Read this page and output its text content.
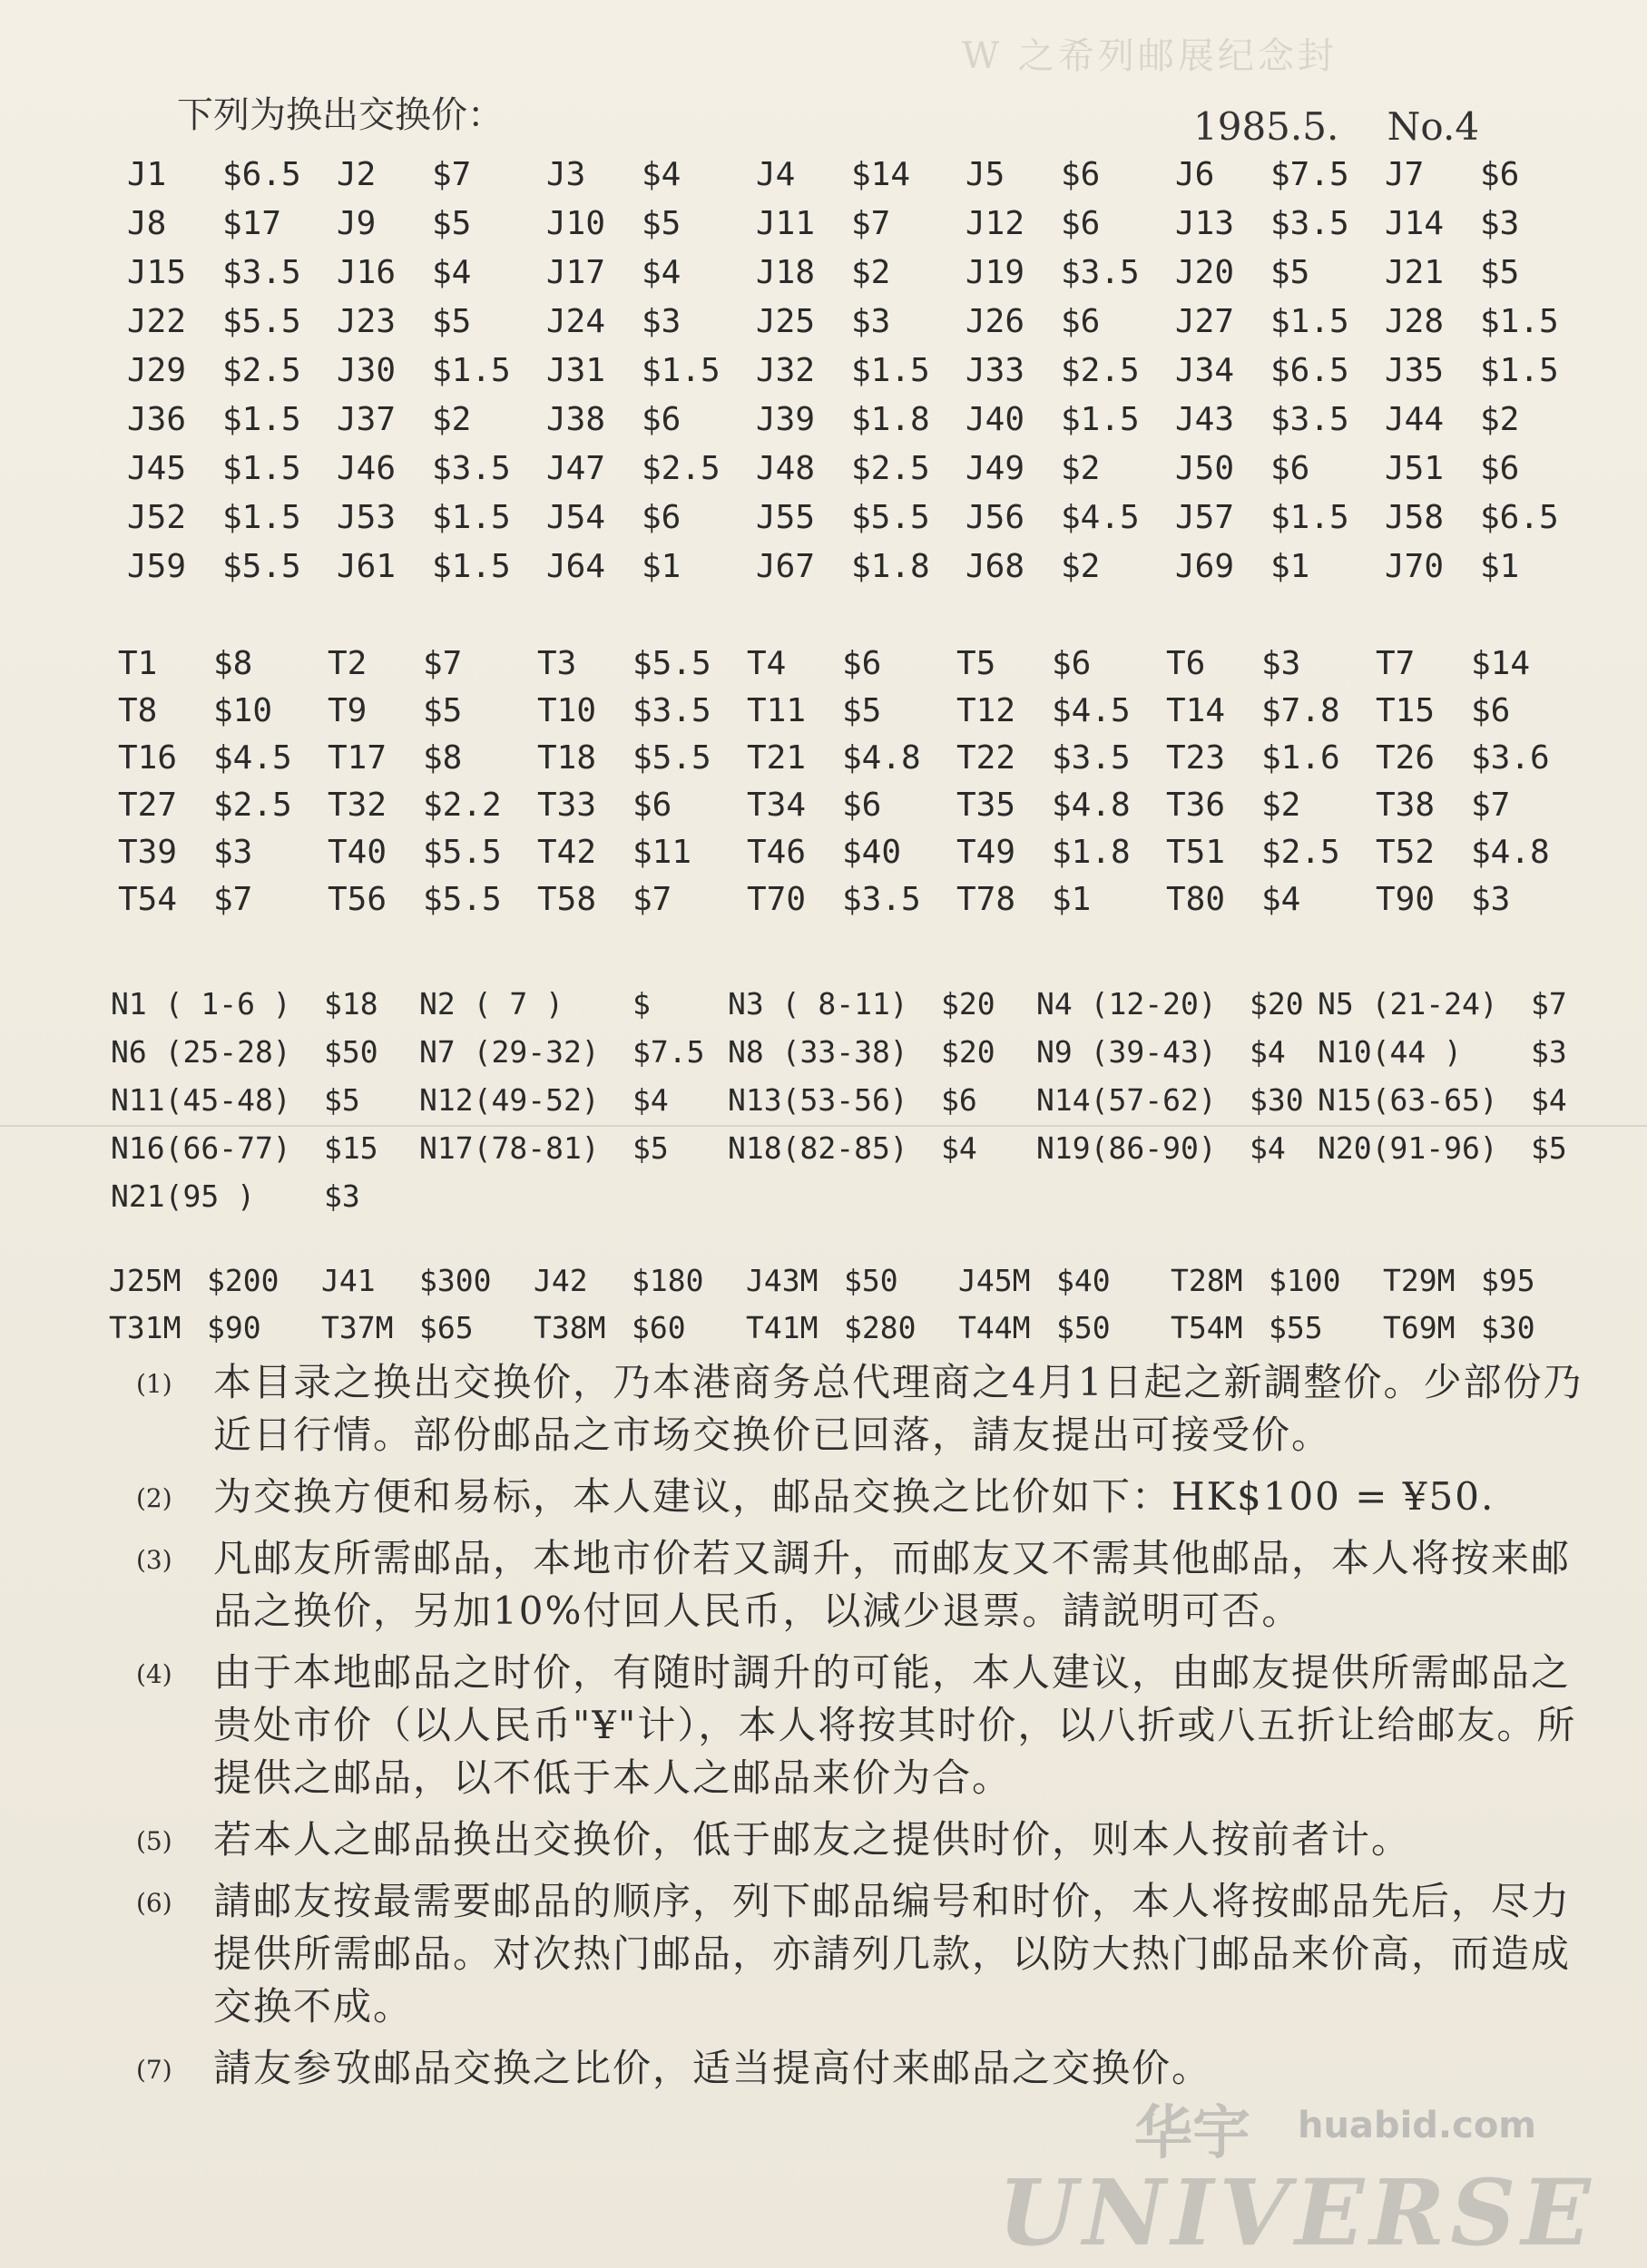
W 之希列邮展纪念封
下列为换出交换价：	1985.5. No.4
J1	$6.5 J2	$7 J3	$4 J4	$14 J5	$6 J6	$7.5 J7	$6
J8	$17 J9	$5 J10	$5 J11	$7 J12	$6 J13	$3.5 J14	$3
J15	$3.5 J16	$4 J17	$4 J18	$2 J19	$3.5 J20	$5 J21	$5
J22	$5.5 J23	$5 J24	$3 J25	$3 J26	$6 J27	$1.5 J28	$1.5
J29	$2.5 J30	$1.5 J31	$1.5 J32	$1.5 J33	$2.5 J34	$6.5 J35	$1.5
J36	$1.5 J37	$2 J38	$6 J39	$1.8 J40	$1.5 J43	$3.5 J44	$2
J45	$1.5 J46	$3.5 J47	$2.5 J48	$2.5 J49	$2 J50	$6 J51	$6
J52	$1.5 J53	$1.5 J54	$6 J55	$5.5 J56	$4.5 J57	$1.5 J58	$6.5
J59	$5.5 J61	$1.5 J64	$1 J67	$1.8 J68	$2 J69	$1 J70	$1
T1	$8 T2	$7 T3	$5.5 T4	$6 T5	$6 T6	$3 T7	$14
T8	$10 T9	$5 T10	$3.5 T11	$5 T12	$4.5 T14	$7.8 T15	$6
T16	$4.5 T17	$8 T18	$5.5 T21	$4.8 T22	$3.5 T23	$1.6 T26	$3.6
T27	$2.5 T32	$2.2 T33	$6 T34	$6 T35	$4.8 T36	$2 T38	$7
T39	$3 T40	$5.5 T42	$11 T46	$40 T49	$1.8 T51	$2.5 T52	$4.8
T54	$7 T56	$5.5 T58	$7 T70	$3.5 T78	$1 T80	$4 T90	$3
N1 ( 1-6 )	$18 N2 ( 7 )	$	N3 ( 8-11)	$20 N4 (12-20)	$20 N5 (21-24)	$7
N6 (25-28)	$50 N7 (29-32)	$7.5 N8 (33-38)	$20 N9 (39-43)	$4 N10(44 )	$3
N11(45-48)	$5 N12(49-52)	$4 N13(53-56)	$6 N14(57-62)	$30 N15(63-65)	$4
N16(66-77)	$15 N17(78-81)	$5 N18(82-85)	$4 N19(86-90)	$4 N20(91-96)	$5
N21(95 )	$3
J25M $200 J41	$300 J42	$180 J43M $50 J45M $40 T28M $100 T29M $95
T31M $90 T37M $65 T38M $60 T41M $280 T44M $50 T54M $55 T69M $30
(1)	本目录之换出交换价，乃本港商务总代理商之4月1日起之新調整价。少部份乃近日行情。部份邮品之市场交换价已回落，請友提出可接受价。
(2)	为交换方便和易标，本人建议，邮品交换之比价如下：HK$100 = ¥50.
(3)	凡邮友所需邮品，本地市价若又調升，而邮友又不需其他邮品，本人将按来邮品之换价，另加10%付回人民币，以減少退票。請説明可否。
(4)	由于本地邮品之时价，有随时調升的可能，本人建议，由邮友提供所需邮品之贵处市价（以人民币"¥"计），本人将按其时价，以八折或八五折让给邮友。所提供之邮品，以不低于本人之邮品来价为合。
(5)	若本人之邮品换出交换价，低于邮友之提供时价，则本人按前者计。
(6)	請邮友按最需要邮品的顺序，列下邮品编号和时价，本人将按邮品先后，尽力提供所需邮品。对次热门邮品，亦請列几款，以防大热门邮品来价高，而造成交换不成。
(7)	請友参攷邮品交换之比价，适当提高付来邮品之交换价。
华宇 huabid.com
UNIVERSE
